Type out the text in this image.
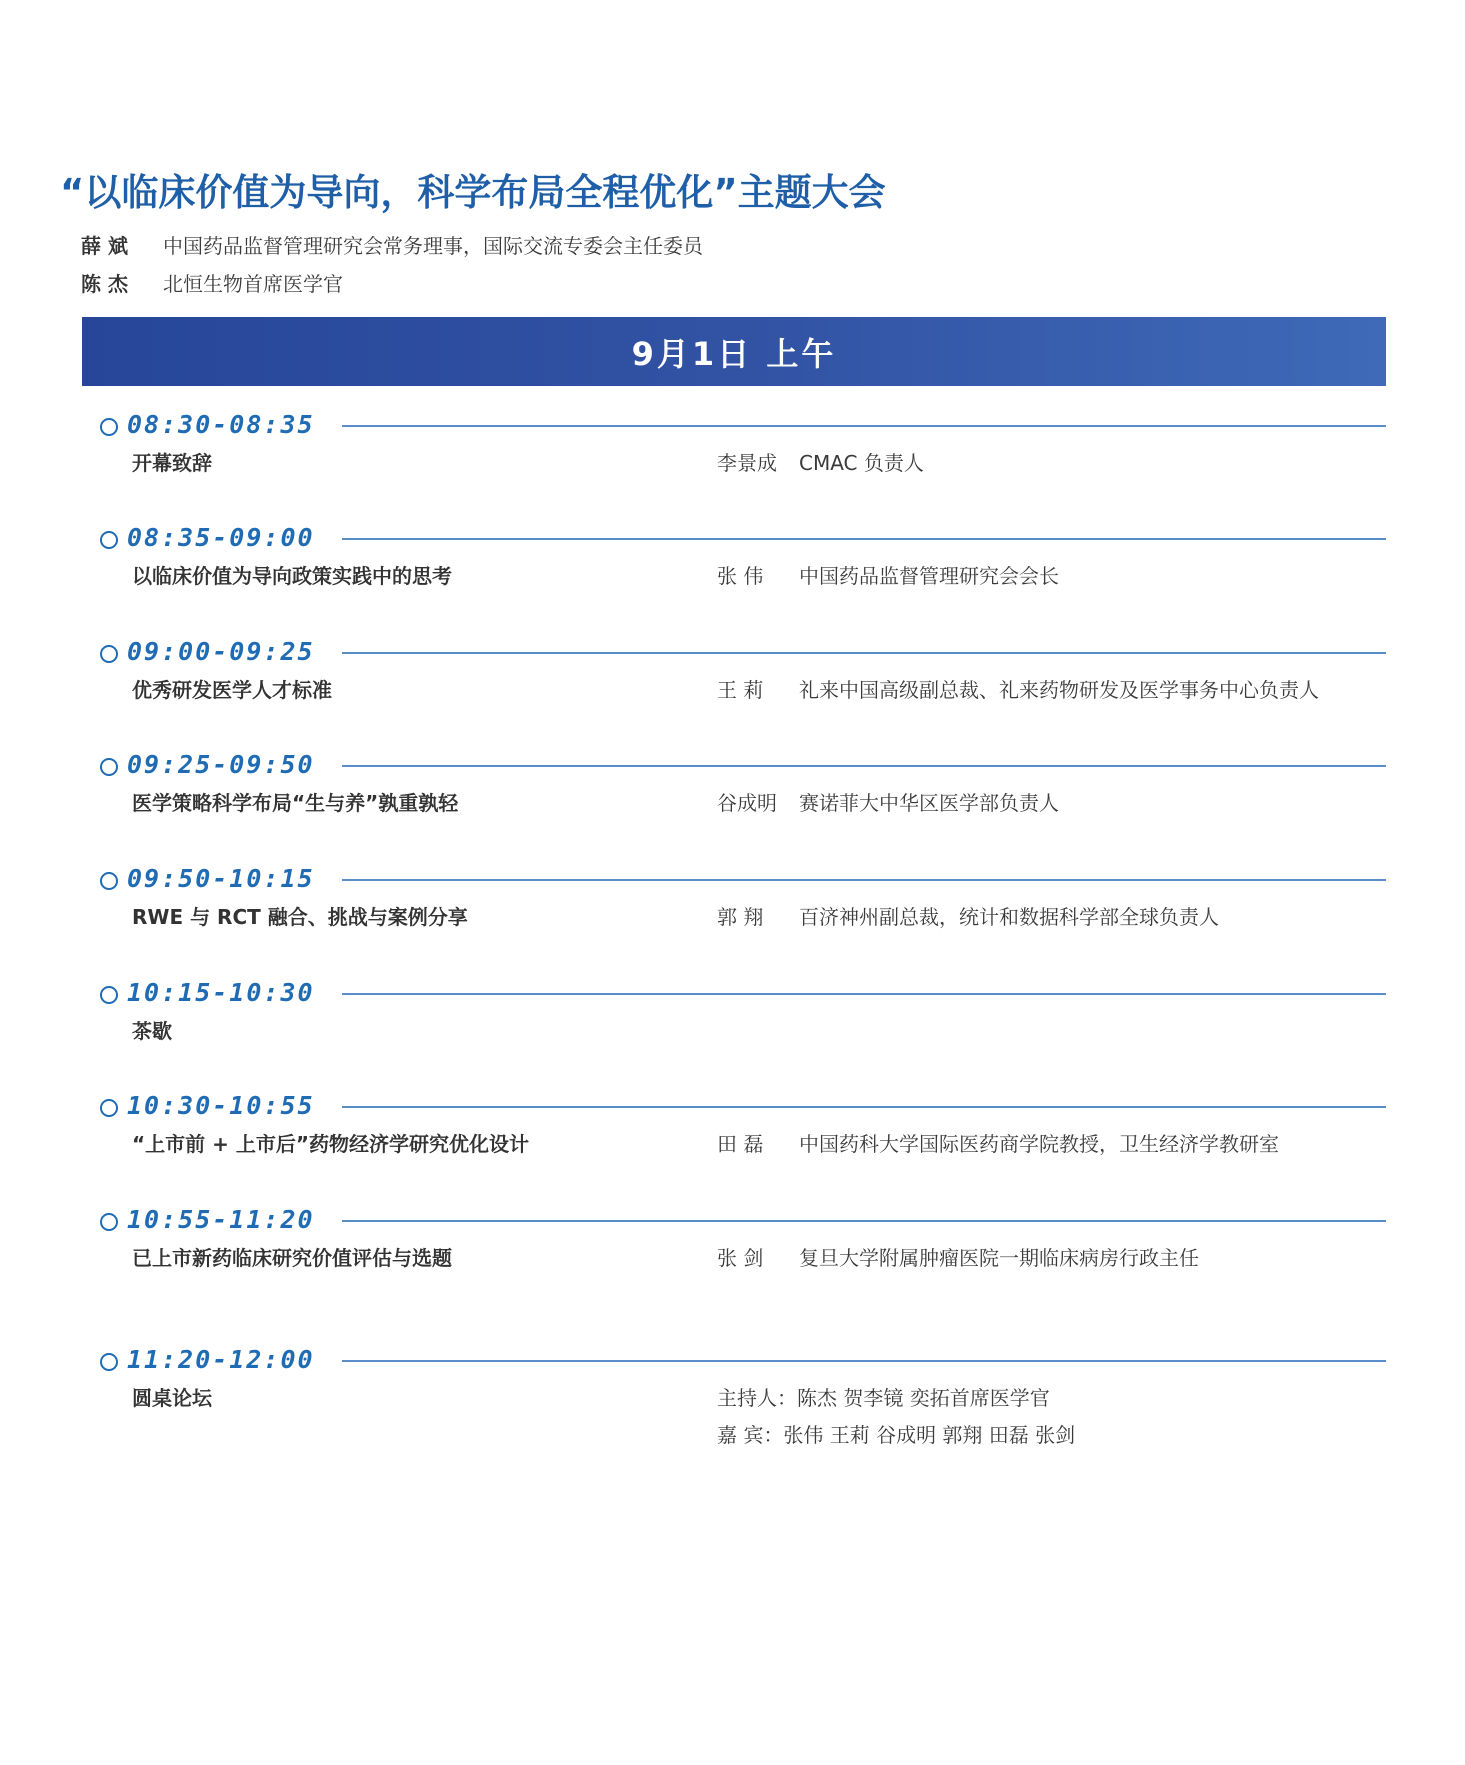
“以临床价值为导向，科学布局全程优化”主题大会
薛 斌 中国药品监督管理研究会常务理事，国际交流专委会主任委员
陈 杰 北恒生物首席医学官
9月1日 上午
08:30-08:35
开幕致辞	李景成 CMAC 负责人
08:35-09:00
以临床价值为导向政策实践中的思考	张 伟 中国药品监督管理研究会会长
09:00-09:25
优秀研发医学人才标准	王 莉 礼来中国高级副总裁、礼来药物研发及医学事务中心负责人
09:25-09:50
医学策略科学布局“生与养”孰重孰轻	谷成明 赛诺菲大中华区医学部负责人
09:50-10:15
RWE 与 RCT 融合、挑战与案例分享	郭 翔 百济神州副总裁，统计和数据科学部全球负责人
10:15-10:30
茶歇
10:30-10:55
“上市前 + 上市后”药物经济学研究优化设计	田 磊 中国药科大学国际医药商学院教授，卫生经济学教研室
10:55-11:20
已上市新药临床研究价值评估与选题	张 剑 复旦大学附属肿瘤医院一期临床病房行政主任
11:20-12:00
圆桌论坛	主持人：陈杰 贺李镜 奕拓首席医学官
嘉 宾：张伟 王莉 谷成明 郭翔 田磊 张剑
